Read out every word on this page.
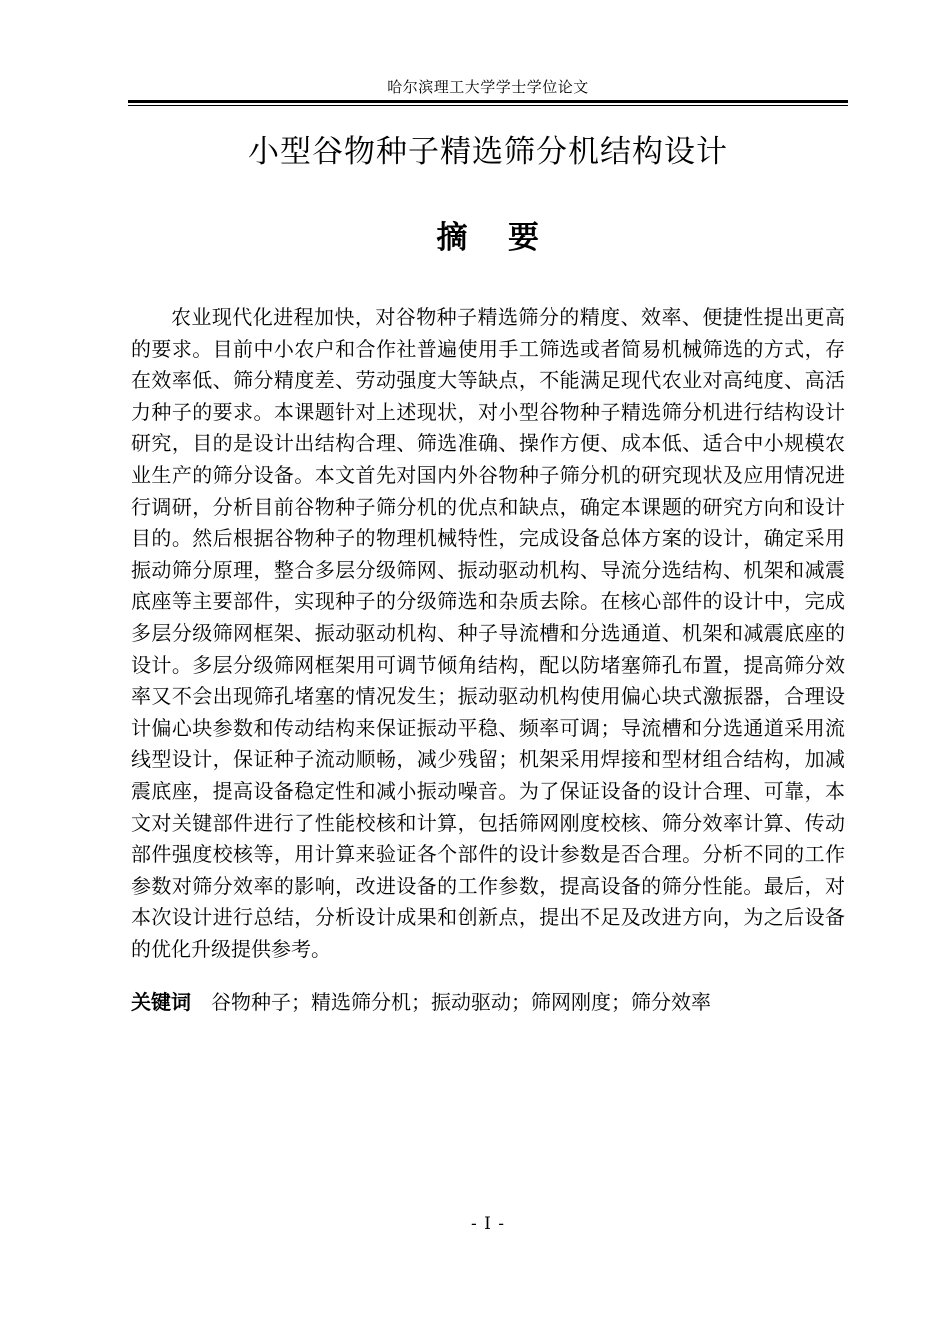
哈尔滨理工大学学士学位论文
小型谷物种子精选筛分机结构设计
摘 要

农业现代化进程加快，对谷物种子精选筛分的精度、效率、便捷性提出更高的要求。目前中小农户和合作社普遍使用手工筛选或者简易机械筛选的方式，存在效率低、筛分精度差、劳动强度大等缺点，不能满足现代农业对高纯度、高活力种子的要求。本课题针对上述现状，对小型谷物种子精选筛分机进行结构设计研究，目的是设计出结构合理、筛选准确、操作方便、成本低、适合中小规模农业生产的筛分设备。本文首先对国内外谷物种子筛分机的研究现状及应用情况进行调研，分析目前谷物种子筛分机的优点和缺点，确定本课题的研究方向和设计目的。然后根据谷物种子的物理机械特性，完成设备总体方案的设计，确定采用振动筛分原理，整合多层分级筛网、振动驱动机构、导流分选结构、机架和减震底座等主要部件，实现种子的分级筛选和杂质去除。在核心部件的设计中，完成多层分级筛网框架、振动驱动机构、种子导流槽和分选通道、机架和减震底座的设计。多层分级筛网框架用可调节倾角结构，配以防堵塞筛孔布置，提高筛分效率又不会出现筛孔堵塞的情况发生；振动驱动机构使用偏心块式激振器，合理设计偏心块参数和传动结构来保证振动平稳、频率可调；导流槽和分选通道采用流线型设计，保证种子流动顺畅，减少残留；机架采用焊接和型材组合结构，加减震底座，提高设备稳定性和减小振动噪音。为了保证设备的设计合理、可靠，本文对关键部件进行了性能校核和计算，包括筛网刚度校核、筛分效率计算、传动部件强度校核等，用计算来验证各个部件的设计参数是否合理。分析不同的工作参数对筛分效率的影响，改进设备的工作参数，提高设备的筛分性能。最后，对本次设计进行总结，分析设计成果和创新点，提出不足及改进方向，为之后设备的优化升级提供参考。

关键词 谷物种子；精选筛分机；振动驱动；筛网刚度；筛分效率
- I -
